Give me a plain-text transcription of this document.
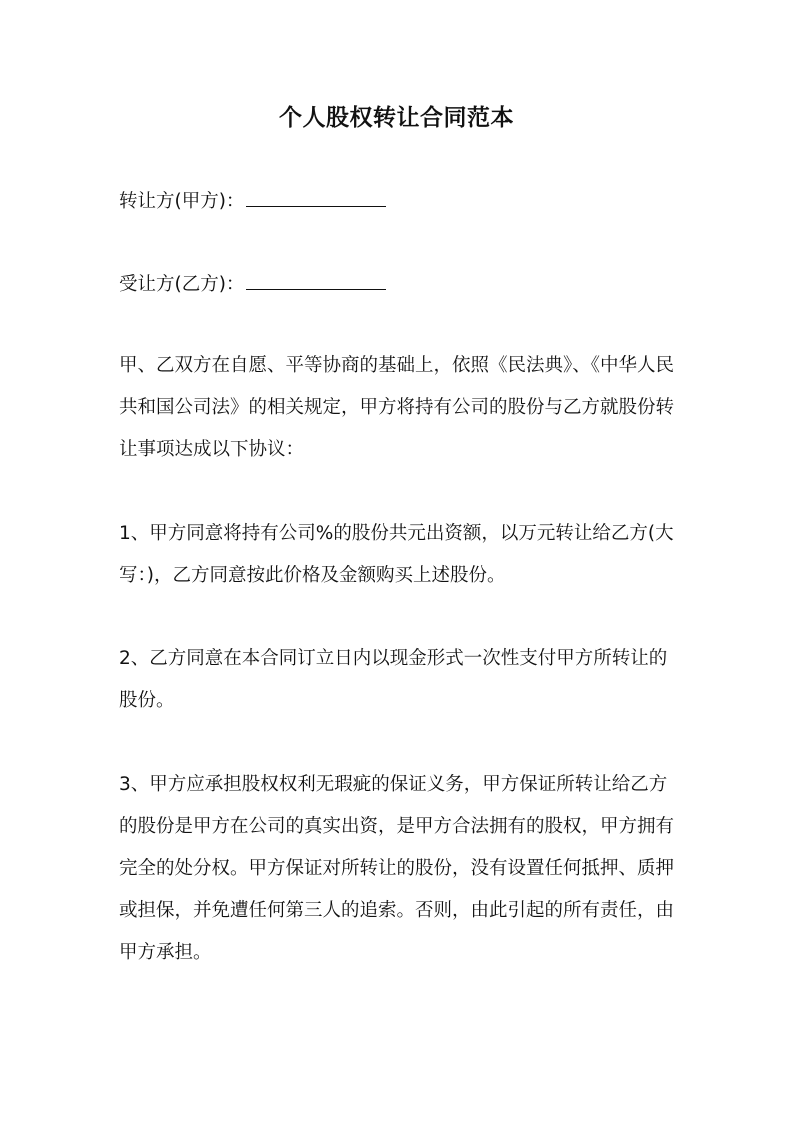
个人股权转让合同范本
转让方(甲方)：
受让方(乙方)：
甲、乙双方在自愿、平等协商的基础上，依照《民法典》、《中华人民共和国公司法》的相关规定，甲方将持有公司的股份与乙方就股份转让事项达成以下协议：
1、甲方同意将持有公司%的股份共元出资额，以万元转让给乙方(大写：)，乙方同意按此价格及金额购买上述股份。
2、乙方同意在本合同订立日内以现金形式一次性支付甲方所转让的股份。
3、甲方应承担股权权利无瑕疵的保证义务，甲方保证所转让给乙方的股份是甲方在公司的真实出资，是甲方合法拥有的股权，甲方拥有完全的处分权。甲方保证对所转让的股份，没有设置任何抵押、质押或担保，并免遭任何第三人的追索。否则，由此引起的所有责任，由甲方承担。
